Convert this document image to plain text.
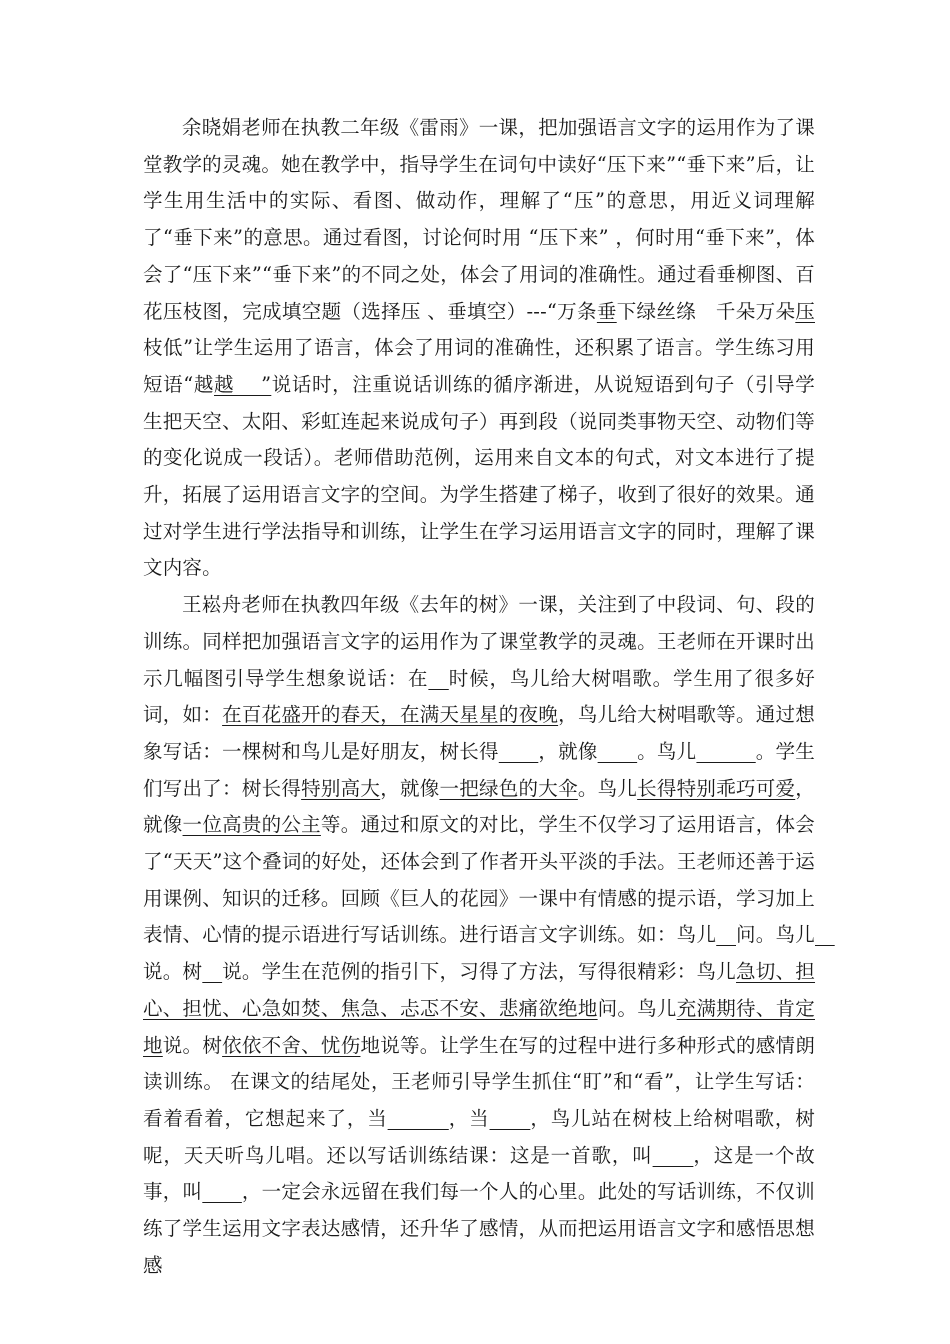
余晓娟老师在执教二年级《雷雨》一课，把加强语言文字的运用作为了课堂教学的灵魂。她在教学中，指导学生在词句中读好“压下来”“垂下来”后，让学生用生活中的实际、看图、做动作，理解了“压”的意思，用近义词理解了“垂下来”的意思。通过看图，讨论何时用 “压下来” ，何时用“垂下来”，体会了“压下来”“垂下来”的不同之处，体会了用词的准确性。通过看垂柳图、百花压枝图，完成填空题（选择压 、垂填空）---“万条垂下绿丝绦　千朵万朵压枝低”让学生运用了语言，体会了用词的准确性，还积累了语言。学生练习用短语“越越　 ”说话时，注重说话训练的循序渐进，从说短语到句子（引导学生把天空、太阳、彩虹连起来说成句子）再到段（说同类事物天空、动物们等的变化说成一段话）。老师借助范例，运用来自文本的句式，对文本进行了提升，拓展了运用语言文字的空间。为学生搭建了梯子，收到了很好的效果。通过对学生进行学法指导和训练，让学生在学习运用语言文字的同时，理解了课文内容。

王崧舟老师在执教四年级《去年的树》一课，关注到了中段词、句、段的训练。同样把加强语言文字的运用作为了课堂教学的灵魂。王老师在开课时出示几幅图引导学生想象说话：在　 时候，鸟儿给大树唱歌。学生用了很多好词，如：在百花盛开的春天，在满天星星的夜晚，鸟儿给大树唱歌等。通过想象写话：一棵树和鸟儿是好朋友，树长得　　 ，就像　　 。鸟儿　　　	。学生们写出了：树长得特别高大，就像一把绿色的大伞。鸟儿长得特别乖巧可爱，就像一位高贵的公主等。通过和原文的对比，学生不仅学习了运用语言，体会了“天天”这个叠词的好处，还体会到了作者开头平淡的手法。王老师还善于运用课例、知识的迁移。回顾《巨人的花园》一课中有情感的提示语，学习加上表情、心情的提示语进行写话训练。进行语言文字训练。如：鸟儿　 问。鸟儿　说。树　 说。学生在范例的指引下，习得了方法，写得很精彩：鸟儿急切、担心、担忧、心急如焚、焦急、忐忑不安、悲痛欲绝地问。鸟儿充满期待、肯定地说。树依依不舍、忧伤地说等。让学生在写的过程中进行多种形式的感情朗读训练。 在课文的结尾处，王老师引导学生抓住“盯”和“看”，让学生写话：看着看着，它想起来了，当　　　	，当　　 ，鸟儿站在树枝上给树唱歌，树呢，天天听鸟儿唱。还以写话训练结课：这是一首歌，叫　　 ，这是一个故事，叫　　 ，一定会永远留在我们每一个人的心里。此处的写话训练，不仅训练了学生运用文字表达感情，还升华了感情，从而把运用语言文字和感悟思想感
